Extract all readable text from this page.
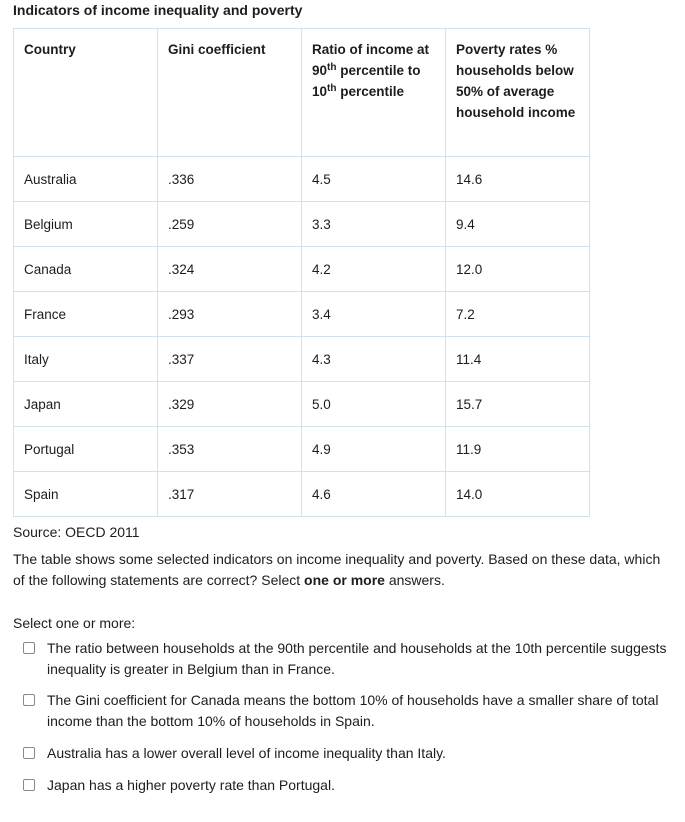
Indicators of income inequality and poverty
Country	Gini coefficient	Ratio of income at
90th percentile to
10th percentile	Poverty rates % households below 50% of average household income
Australia	.336	4.5	14.6
Belgium	.259	3.3	9.4
Canada	.324	4.2	12.0
France	.293	3.4	7.2
Italy	.337	4.3	11.4
Japan	.329	5.0	15.7
Portugal	.353	4.9	11.9
Spain	.317	4.6	14.0
Source: OECD 2011
The table shows some selected indicators on income inequality and poverty. Based on these data, which of the following statements are correct? Select one or more answers.
Select one or more:
The ratio between households at the 90th percentile and households at the 10th percentile suggests inequality is greater in Belgium than in France.
The Gini coefficient for Canada means the bottom 10% of households have a smaller share of total income than the bottom 10% of households in Spain.
Australia has a lower overall level of income inequality than Italy.
Japan has a higher poverty rate than Portugal.
